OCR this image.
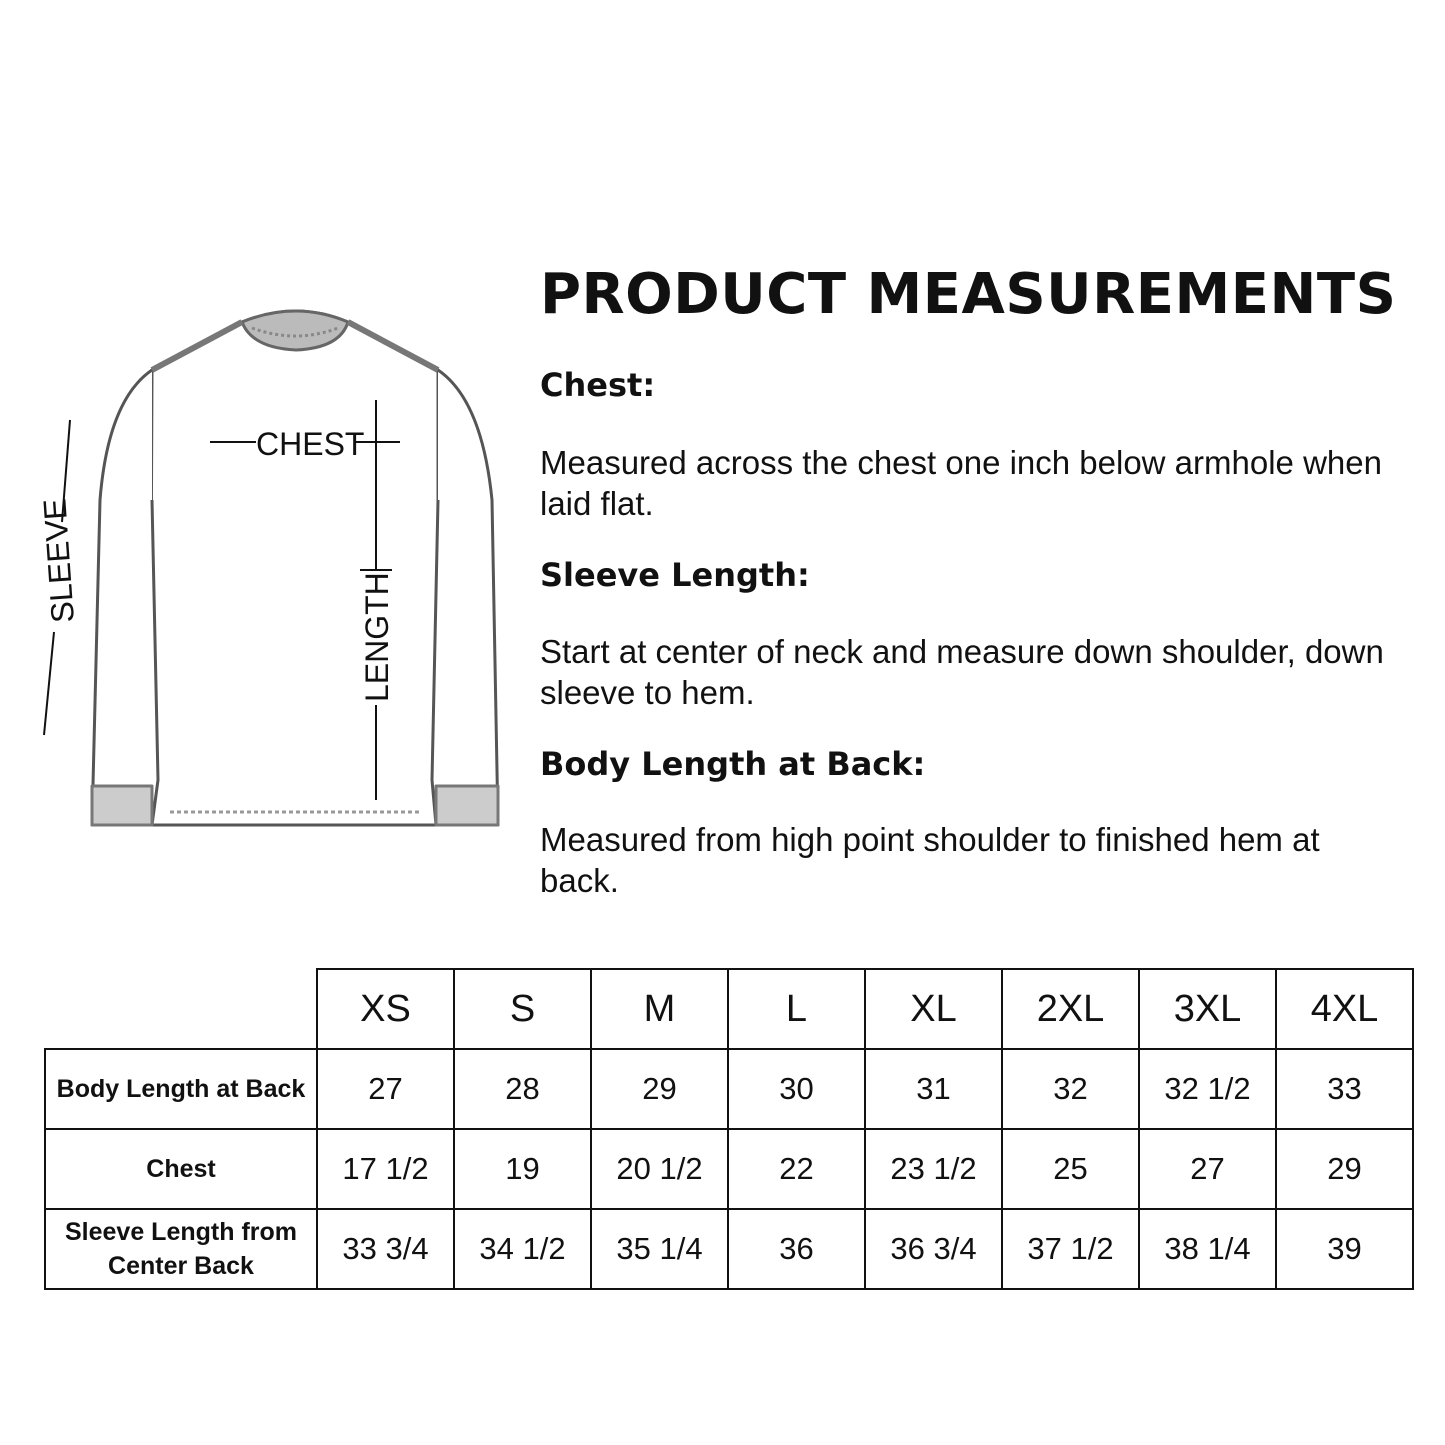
CHEST
LENGTH
SLEEVE
PRODUCT MEASUREMENTS
Chest:

Measured across the chest one inch below armhole when laid flat.

Sleeve Length:

Start at center of neck and measure down shoulder, down sleeve to hem.

Body Length at Back:

Measured from high point shoulder to finished hem at back.

	XS	S	M	L	XL	2XL	3XL	4XL
Body Length at Back	27	28	29	30	31	32	32 1/2	33
Chest	17 1/2	19	20 1/2	22	23 1/2	25	27	29
Sleeve Length from Center Back	33 3/4	34 1/2	35 1/4	36	36 3/4	37 1/2	38 1/4	39
